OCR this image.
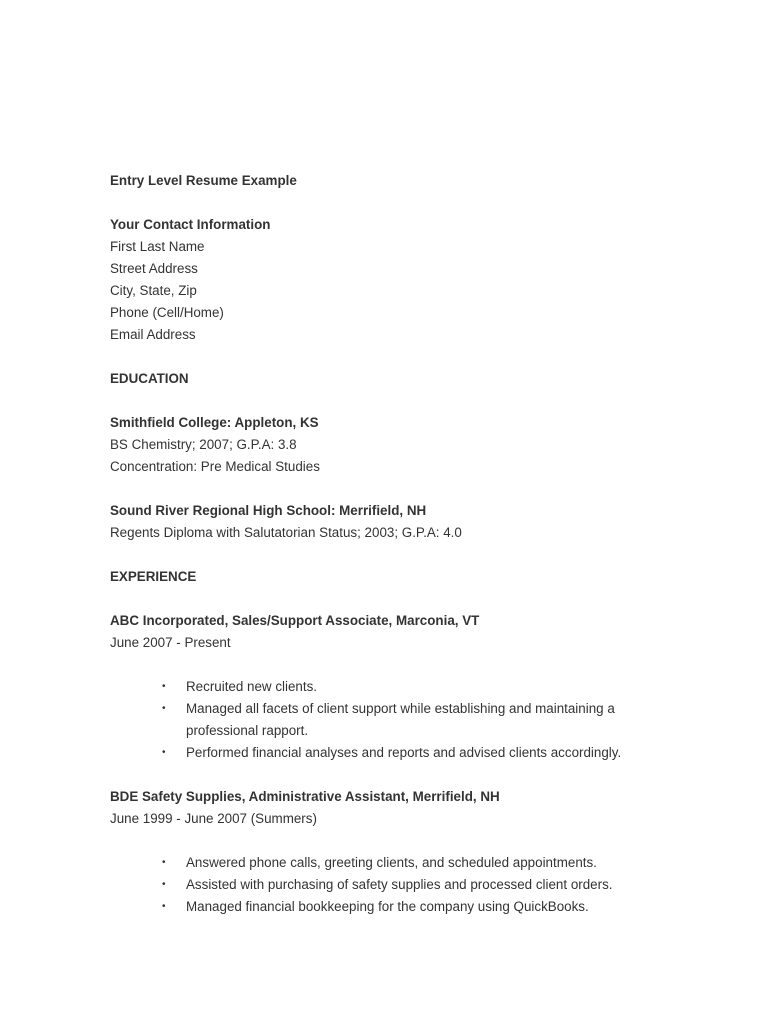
Entry Level Resume Example
Your Contact Information
First Last Name
Street Address
City, State, Zip
Phone (Cell/Home)
Email Address
EDUCATION
Smithfield College: Appleton, KS
BS Chemistry; 2007; G.P.A: 3.8
Concentration: Pre Medical Studies
Sound River Regional High School: Merrifield, NH
Regents Diploma with Salutatorian Status; 2003; G.P.A: 4.0
EXPERIENCE
ABC Incorporated, Sales/Support Associate, Marconia, VT
June 2007 - Present
• Recruited new clients.
• Managed all facets of client support while establishing and maintaining a professional rapport.
• Performed financial analyses and reports and advised clients accordingly.
BDE Safety Supplies, Administrative Assistant, Merrifield, NH
June 1999 - June 2007 (Summers)
• Answered phone calls, greeting clients, and scheduled appointments.
• Assisted with purchasing of safety supplies and processed client orders.
• Managed financial bookkeeping for the company using QuickBooks.
